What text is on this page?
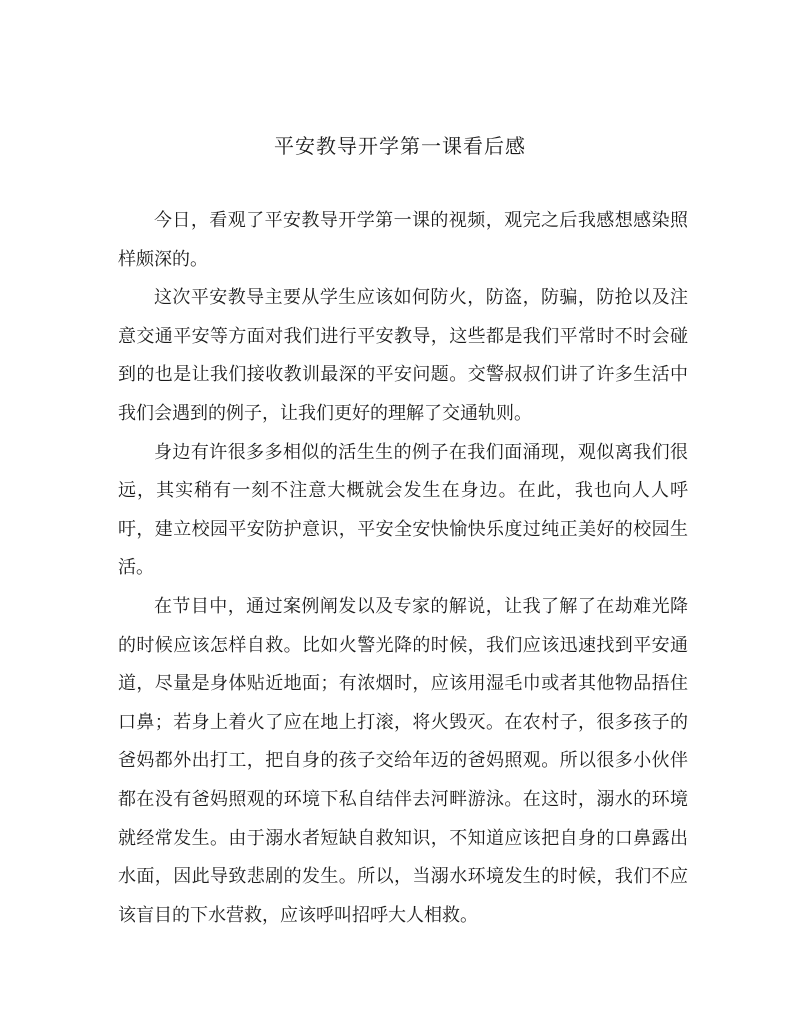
平安教导开学第一课看后感

今日，看观了平安教导开学第一课的视频，观完之后我感想感染照样颇深的。

这次平安教导主要从学生应该如何防火，防盗，防骗，防抢以及注意交通平安等方面对我们进行平安教导，这些都是我们平常时不时会碰到的也是让我们接收教训最深的平安问题。交警叔叔们讲了许多生活中我们会遇到的例子，让我们更好的理解了交通轨则。

身边有许很多多相似的活生生的例子在我们面涌现，观似离我们很远，其实稍有一刻不注意大概就会发生在身边。在此，我也向人人呼吁，建立校园平安防护意识，平安全安快愉快乐度过纯正美好的校园生活。

在节目中，通过案例阐发以及专家的解说，让我了解了在劫难光降的时候应该怎样自救。比如火警光降的时候，我们应该迅速找到平安通道，尽量是身体贴近地面；有浓烟时，应该用湿毛巾或者其他物品捂住口鼻；若身上着火了应在地上打滚，将火毁灭。在农村子，很多孩子的爸妈都外出打工，把自身的孩子交给年迈的爸妈照观。所以很多小伙伴都在没有爸妈照观的环境下私自结伴去河畔游泳。在这时，溺水的环境就经常发生。由于溺水者短缺自救知识，不知道应该把自身的口鼻露出水面，因此导致悲剧的发生。所以，当溺水环境发生的时候，我们不应该盲目的下水营救，应该呼叫招呼大人相救。
